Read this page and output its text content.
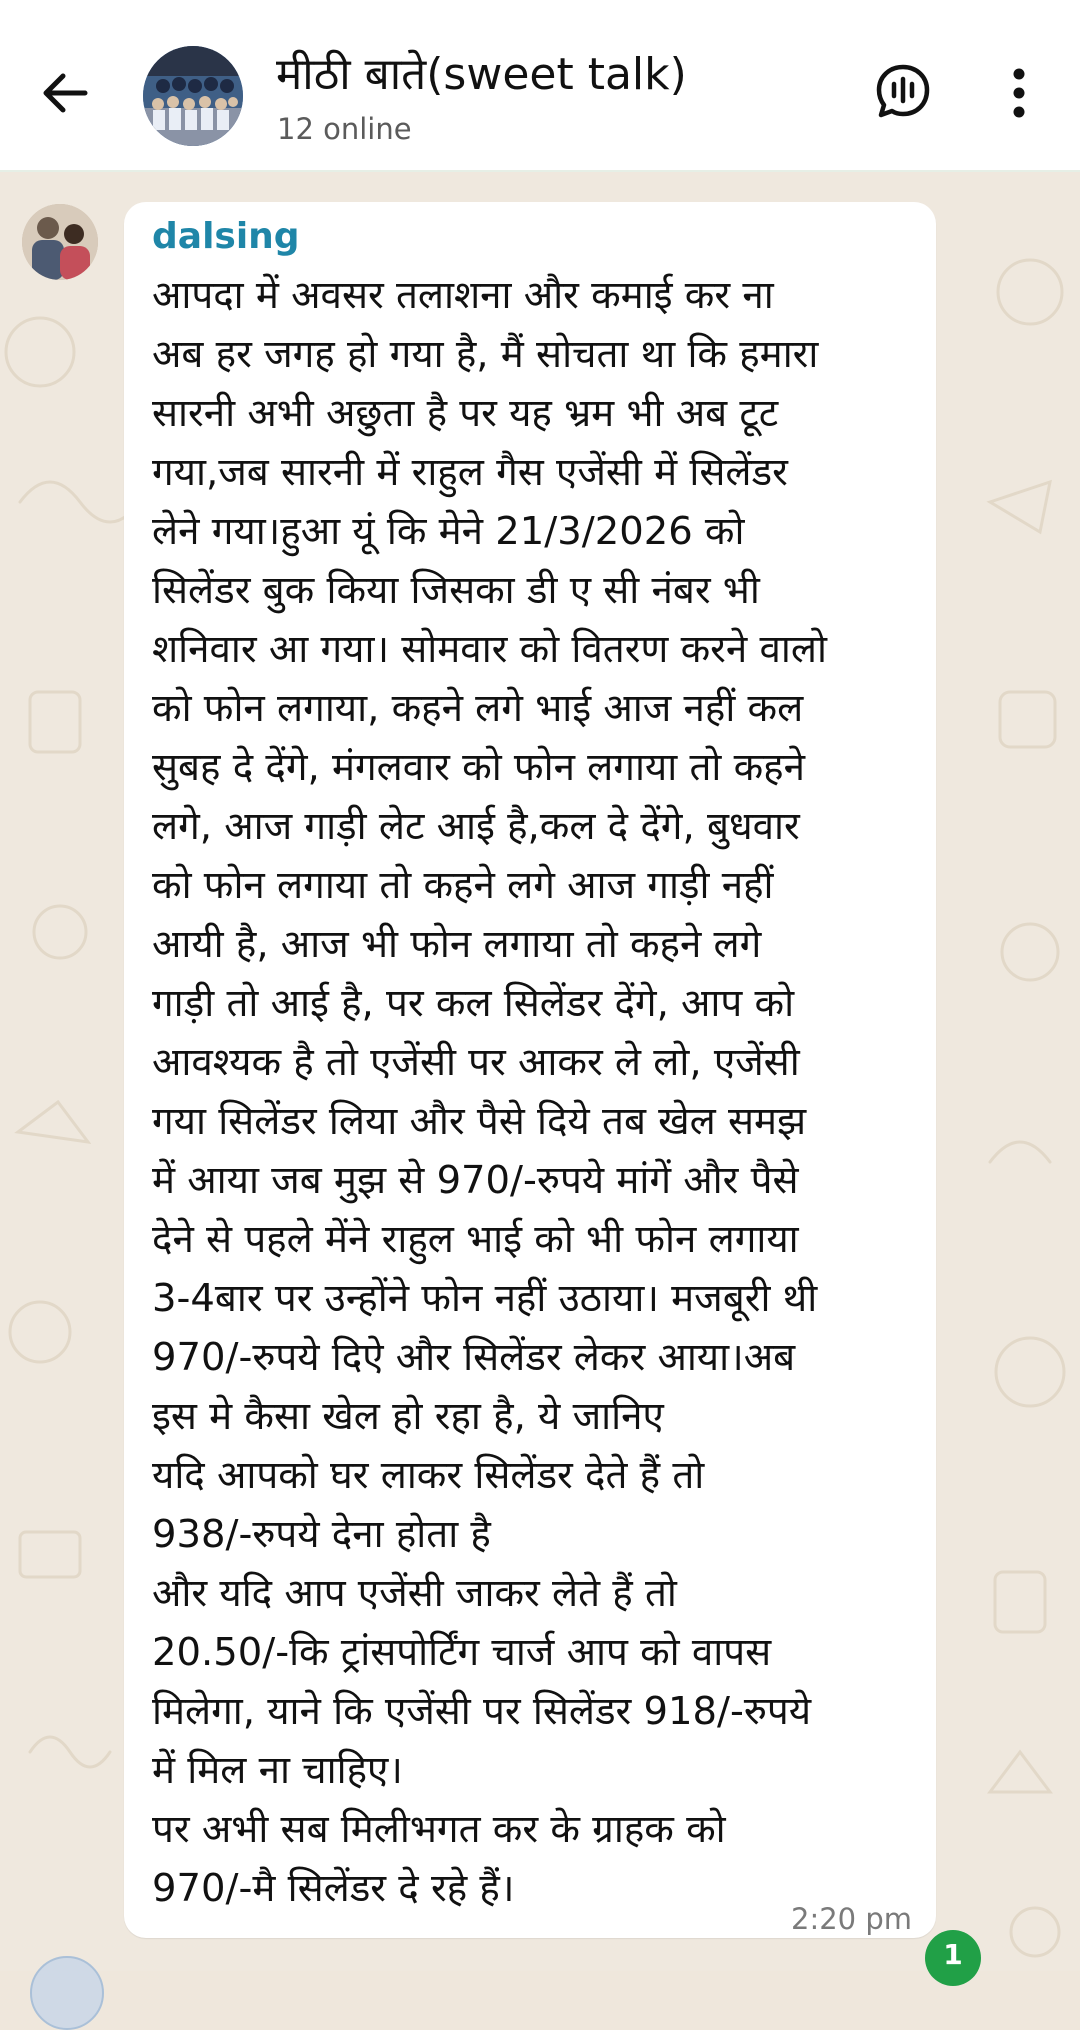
मीठी बाते(sweet talk)
12 online
dalsing
आपदा में अवसर तलाशना और कमाई कर ना
अब हर जगह हो गया है, मैं सोचता था कि हमारा
सारनी अभी अछुता है पर यह भ्रम भी अब टूट
गया,जब सारनी में राहुल गैस एजेंसी में सिलेंडर
लेने गया।हुआ यूं कि मेने 21/3/2026 को
सिलेंडर बुक किया जिसका डी ए सी नंबर भी
शनिवार आ गया। सोमवार को वितरण करने वालो
को फोन लगाया, कहने लगे भाई आज नहीं कल
सुबह दे देंगे, मंगलवार को फोन लगाया तो कहने
लगे, आज गाड़ी लेट आई है,कल दे देंगे, बुधवार
को फोन लगाया तो कहने लगे आज गाड़ी नहीं
आयी है, आज भी फोन लगाया तो कहने लगे
गाड़ी तो आई है, पर कल सिलेंडर देंगे, आप को
आवश्यक है तो एजेंसी पर आकर ले लो, एजेंसी
गया सिलेंडर लिया और पैसे दिये तब खेल समझ
में आया जब मुझ से 970/-रुपये मांगें और पैसे
देने से पहले मेंने राहुल भाई को भी फोन लगाया
3-4बार पर उन्होंने फोन नहीं उठाया। मजबूरी थी
970/-रुपये दिऐ और सिलेंडर लेकर आया।अब
इस मे कैसा खेल हो रहा है, ये जानिए
यदि आपको घर लाकर सिलेंडर देते हैं तो
938/-रुपये देना होता है
और यदि आप एजेंसी जाकर लेते हैं तो
20.50/-कि ट्रांसपोर्टिंग चार्ज आप को वापस
मिलेगा, याने कि एजेंसी पर सिलेंडर 918/-रुपये
में मिल ना चाहिए।
पर अभी सब मिलीभगत कर के ग्राहक को
970/-मै सिलेंडर दे रहे हैं।
2:20 pm
1
